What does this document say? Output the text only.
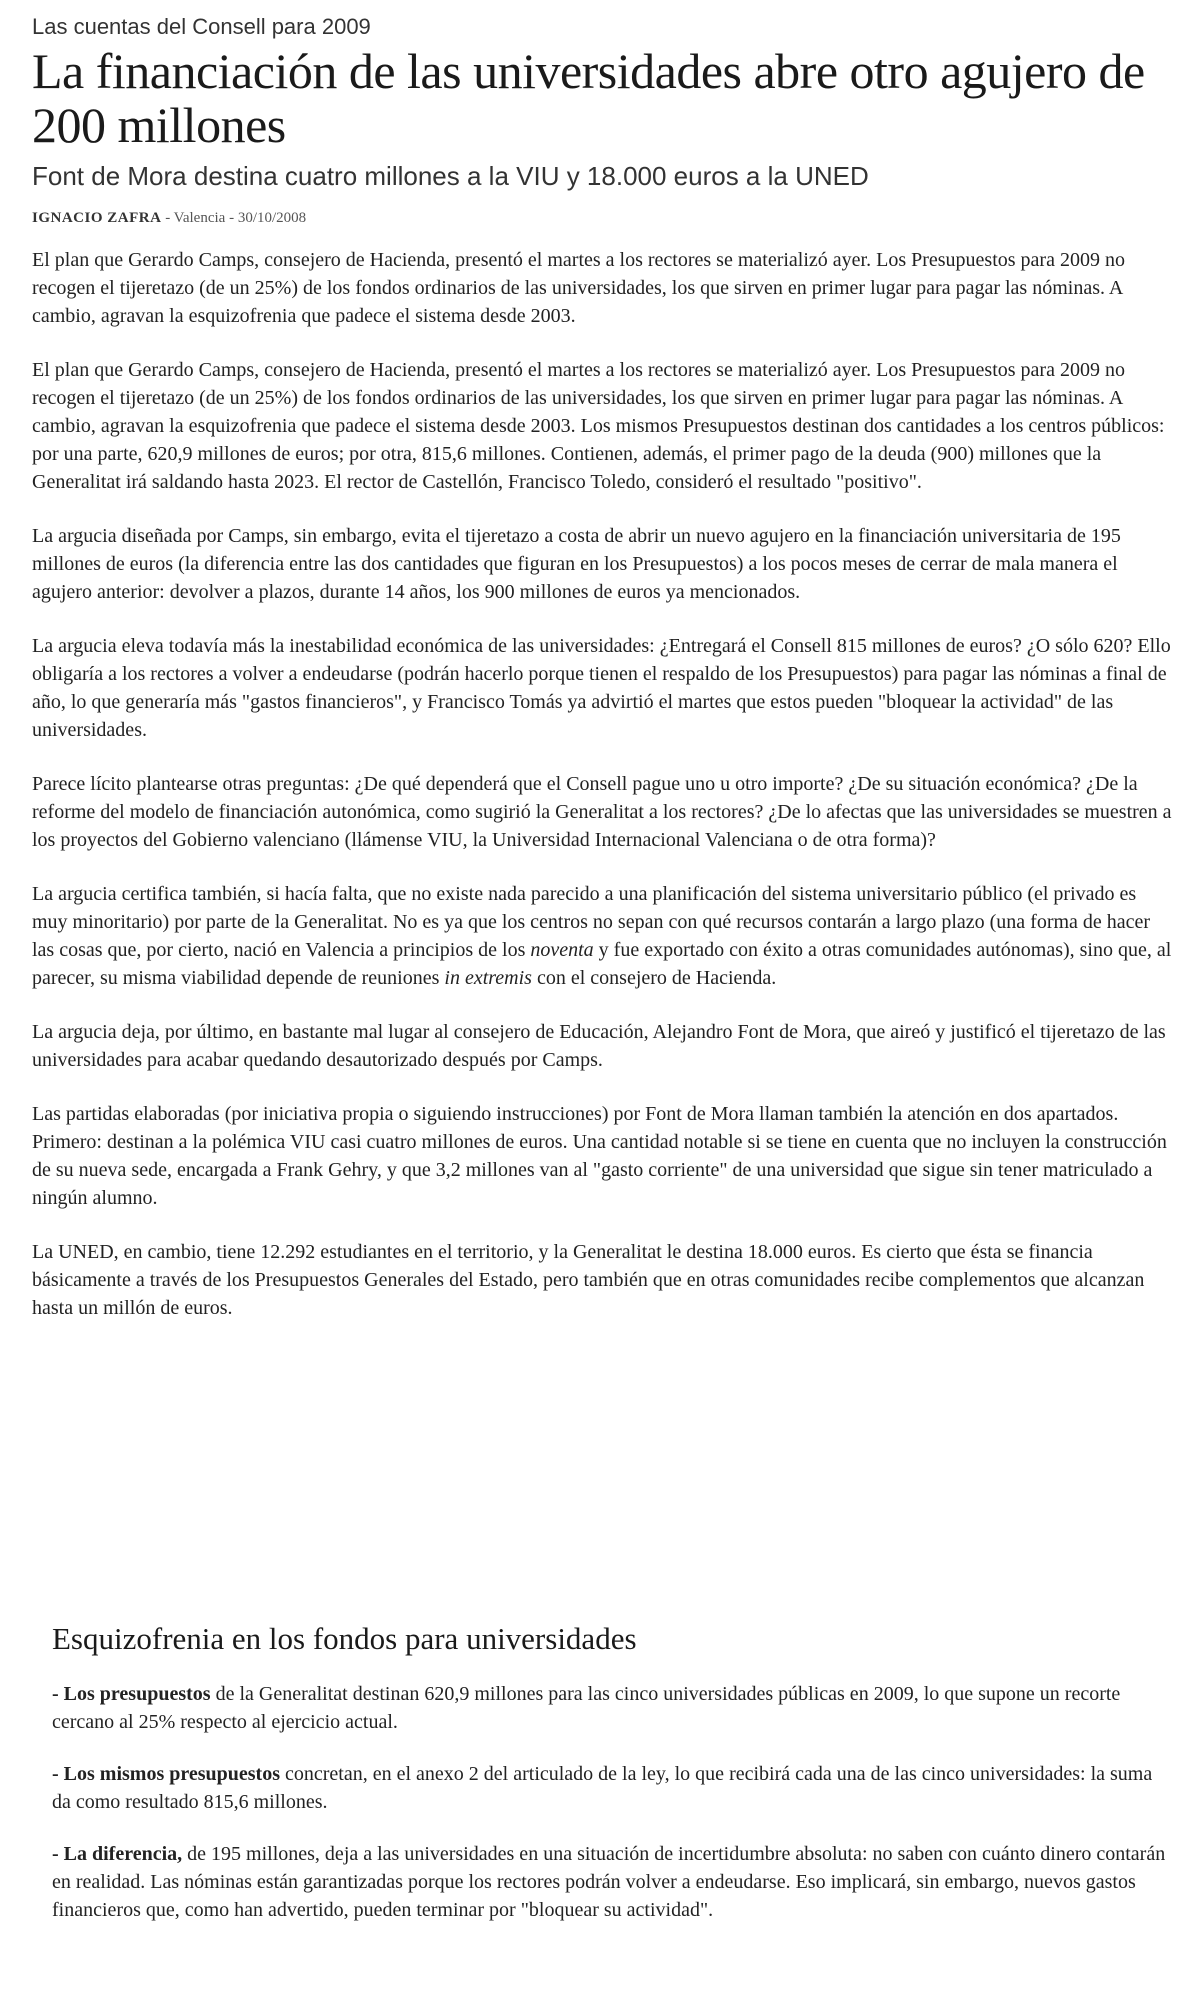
Las cuentas del Consell para 2009
La financiación de las universidades abre otro agujero de 200 millones
Font de Mora destina cuatro millones a la VIU y 18.000 euros a la UNED
IGNACIO ZAFRA - Valencia - 30/10/2008

El plan que Gerardo Camps, consejero de Hacienda, presentó el martes a los rectores se materializó ayer. Los Presupuestos para 2009 no recogen el tijeretazo (de un 25%) de los fondos ordinarios de las universidades, los que sirven en primer lugar para pagar las nóminas. A cambio, agravan la esquizofrenia que padece el sistema desde 2003.

El plan que Gerardo Camps, consejero de Hacienda, presentó el martes a los rectores se materializó ayer. Los Presupuestos para 2009 no recogen el tijeretazo (de un 25%) de los fondos ordinarios de las universidades, los que sirven en primer lugar para pagar las nóminas. A cambio, agravan la esquizofrenia que padece el sistema desde 2003. Los mismos Presupuestos destinan dos cantidades a los centros públicos: por una parte, 620,9 millones de euros; por otra, 815,6 millones. Contienen, además, el primer pago de la deuda (900) millones que la Generalitat irá saldando hasta 2023. El rector de Castellón, Francisco Toledo, consideró el resultado "positivo".

La argucia diseñada por Camps, sin embargo, evita el tijeretazo a costa de abrir un nuevo agujero en la financiación universitaria de 195 millones de euros (la diferencia entre las dos cantidades que figuran en los Presupuestos) a los pocos meses de cerrar de mala manera el agujero anterior: devolver a plazos, durante 14 años, los 900 millones de euros ya mencionados.

La argucia eleva todavía más la inestabilidad económica de las universidades: ¿Entregará el Consell 815 millones de euros? ¿O sólo 620? Ello obligaría a los rectores a volver a endeudarse (podrán hacerlo porque tienen el respaldo de los Presupuestos) para pagar las nóminas a final de año, lo que generaría más "gastos financieros", y Francisco Tomás ya advirtió el martes que estos pueden "bloquear la actividad" de las universidades.

Parece lícito plantearse otras preguntas: ¿De qué dependerá que el Consell pague uno u otro importe? ¿De su situación económica? ¿De la reforme del modelo de financiación autonómica, como sugirió la Generalitat a los rectores? ¿De lo afectas que las universidades se muestren a los proyectos del Gobierno valenciano (llámense VIU, la Universidad Internacional Valenciana o de otra forma)?

La argucia certifica también, si hacía falta, que no existe nada parecido a una planificación del sistema universitario público (el privado es muy minoritario) por parte de la Generalitat. No es ya que los centros no sepan con qué recursos contarán a largo plazo (una forma de hacer las cosas que, por cierto, nació en Valencia a principios de los noventa y fue exportado con éxito a otras comunidades autónomas), sino que, al parecer, su misma viabilidad depende de reuniones in extremis con el consejero de Hacienda.

La argucia deja, por último, en bastante mal lugar al consejero de Educación, Alejandro Font de Mora, que aireó y justificó el tijeretazo de las universidades para acabar quedando desautorizado después por Camps.

Las partidas elaboradas (por iniciativa propia o siguiendo instrucciones) por Font de Mora llaman también la atención en dos apartados. Primero: destinan a la polémica VIU casi cuatro millones de euros. Una cantidad notable si se tiene en cuenta que no incluyen la construcción de su nueva sede, encargada a Frank Gehry, y que 3,2 millones van al "gasto corriente" de una universidad que sigue sin tener matriculado a ningún alumno.

La UNED, en cambio, tiene 12.292 estudiantes en el territorio, y la Generalitat le destina 18.000 euros. Es cierto que ésta se financia básicamente a través de los Presupuestos Generales del Estado, pero también que en otras comunidades recibe complementos que alcanzan hasta un millón de euros.

Esquizofrenia en los fondos para universidades

- Los presupuestos de la Generalitat destinan 620,9 millones para las cinco universidades públicas en 2009, lo que supone un recorte cercano al 25% respecto al ejercicio actual.

- Los mismos presupuestos concretan, en el anexo 2 del articulado de la ley, lo que recibirá cada una de las cinco universidades: la suma da como resultado 815,6 millones.

- La diferencia, de 195 millones, deja a las universidades en una situación de incertidumbre absoluta: no saben con cuánto dinero contarán en realidad. Las nóminas están garantizadas porque los rectores podrán volver a endeudarse. Eso implicará, sin embargo, nuevos gastos financieros que, como han advertido, pueden terminar por "bloquear su actividad".
